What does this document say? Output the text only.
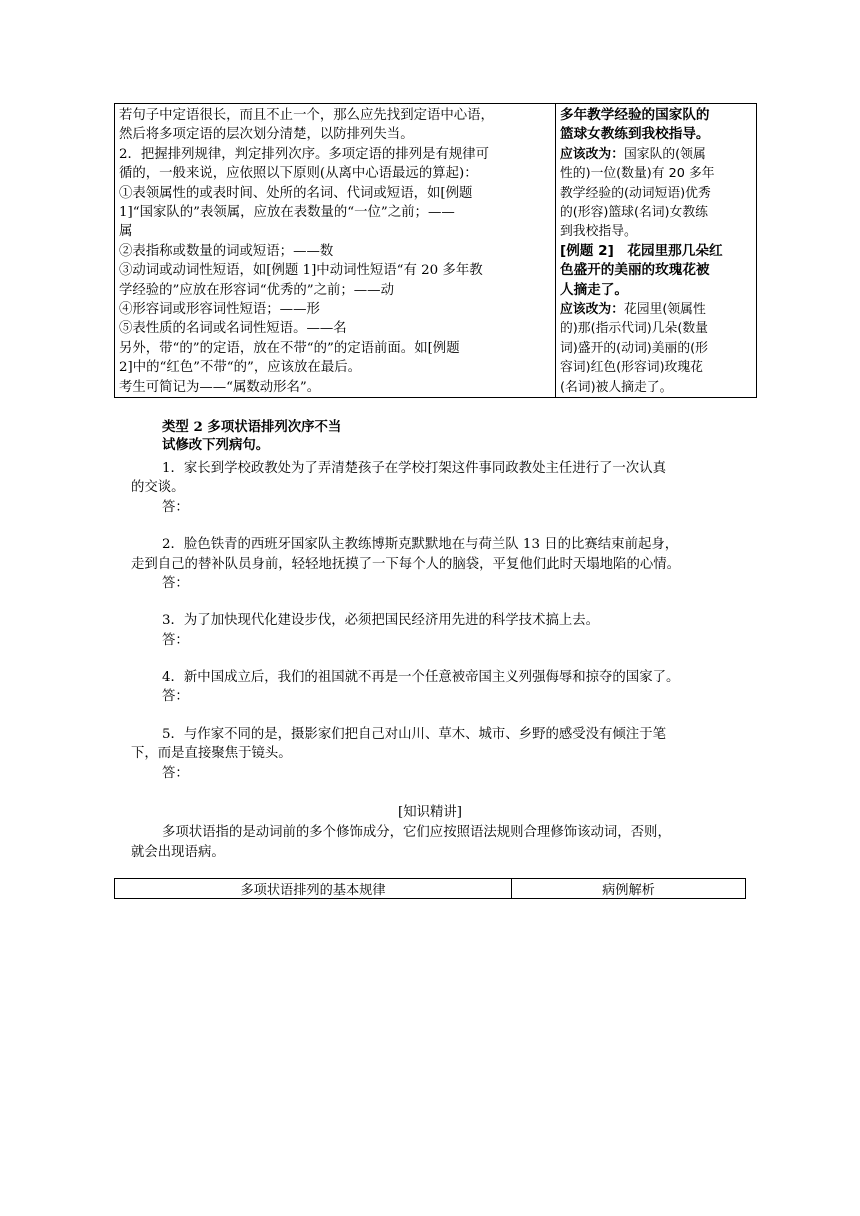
若句子中定语很长，而且不止一个，那么应先找到定语中心语，
然后将多项定语的层次划分清楚，以防排列失当。
2．把握排列规律，判定排列次序。多项定语的排列是有规律可
循的，一般来说，应依照以下原则(从离中心语最远的算起)：
①表领属性的或表时间、处所的名词、代词或短语，如[例题
1]“国家队的”表领属，应放在表数量的“一位”之前；——
属
②表指称或数量的词或短语；——数
③动词或动词性短语，如[例题 1]中动词性短语“有 20 多年教
学经验的”应放在形容词“优秀的”之前；——动
④形容词或形容词性短语；——形
⑤表性质的名词或名词性短语。——名
另外，带“的”的定语，放在不带“的”的定语前面。如[例题
2]中的“红色”不带“的”，应该放在最后。
考生可简记为——“属数动形名”。

多年教学经验的国家队的
篮球女教练到我校指导。
应该改为：国家队的(领属
性的)一位(数量)有 20 多年
教学经验的(动词短语)优秀
的(形容)篮球(名词)女教练
到我校指导。
[例题 2]　花园里那几朵红
色盛开的美丽的玫瑰花被
人摘走了。
应该改为：花园里(领属性
的)那(指示代词)几朵(数量
词)盛开的(动词)美丽的(形
容词)红色(形容词)玫瑰花
(名词)被人摘走了。
类型 2 多项状语排列次序不当
试修改下列病句。
1．家长到学校政教处为了弄清楚孩子在学校打架这件事同政教处主任进行了一次认真
的交谈。
答：
2．脸色铁青的西班牙国家队主教练博斯克默默地在与荷兰队 13 日的比赛结束前起身，
走到自己的替补队员身前，轻轻地抚摸了一下每个人的脑袋，平复他们此时天塌地陷的心情。
答：
3．为了加快现代化建设步伐，必须把国民经济用先进的科学技术搞上去。
答：
4．新中国成立后，我们的祖国就不再是一个任意被帝国主义列强侮辱和掠夺的国家了。
答：
5．与作家不同的是，摄影家们把自己对山川、草木、城市、乡野的感受没有倾注于笔
下，而是直接聚焦于镜头。
答：
[知识精讲]
多项状语指的是动词前的多个修饰成分，它们应按照语法规则合理修饰该动词，否则，
就会出现语病。
多项状语排列的基本规律	病例解析
